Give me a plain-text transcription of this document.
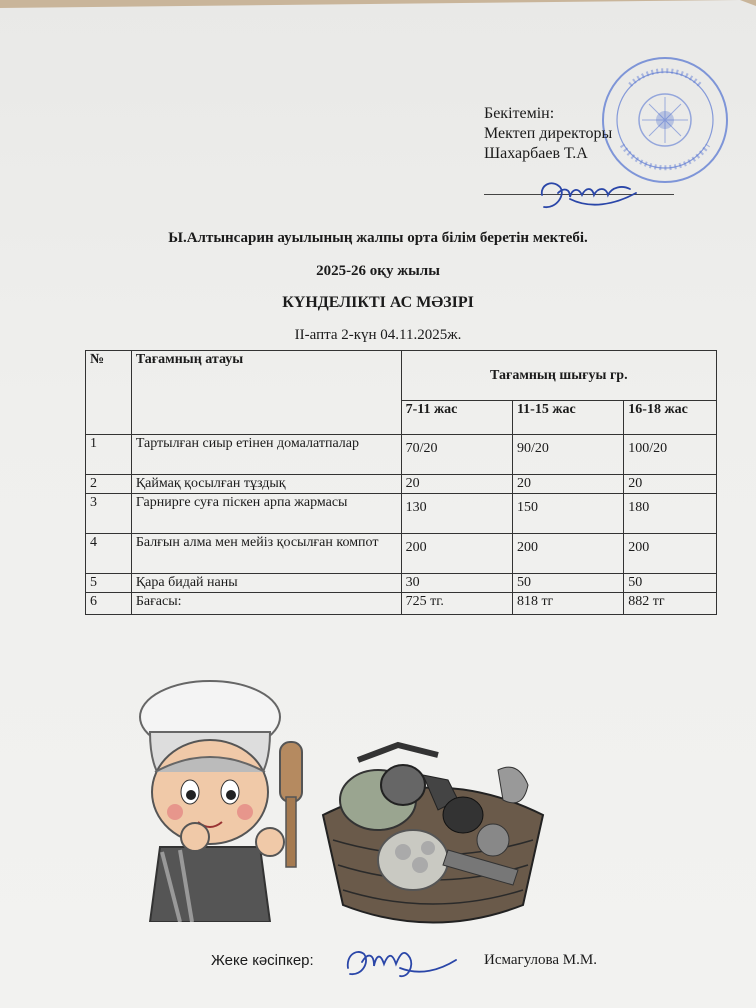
Бекітемін:
Мектеп директоры
Шахарбаев Т.А
Ы.Алтынсарин ауылының жалпы орта білім беретін мектебі.
2025-26 оқу жылы
КҮНДЕЛІКТІ АС МӘЗІРІ
ІІ-апта 2-күн 04.11.2025ж.
№	Тағамның атауы	Тағамның шығуы гр.		
		7-11 жас	11-15 жас	16-18 жас
1	Тартылған сиыр етінен домалатпалар	70/20	90/20	100/20
2	Қаймақ қосылған тұздық	20	20	20
3	Гарнирге суға піскен арпа жармасы	130	150	180
4	Балғын алма мен мейіз қосылған компот	200	200	200
5	Қара бидай наны	30	50	50
6	Бағасы:	725 тг.	818 тг	882 тг
Жеке кәсіпкер:	Исмагулова М.М.
